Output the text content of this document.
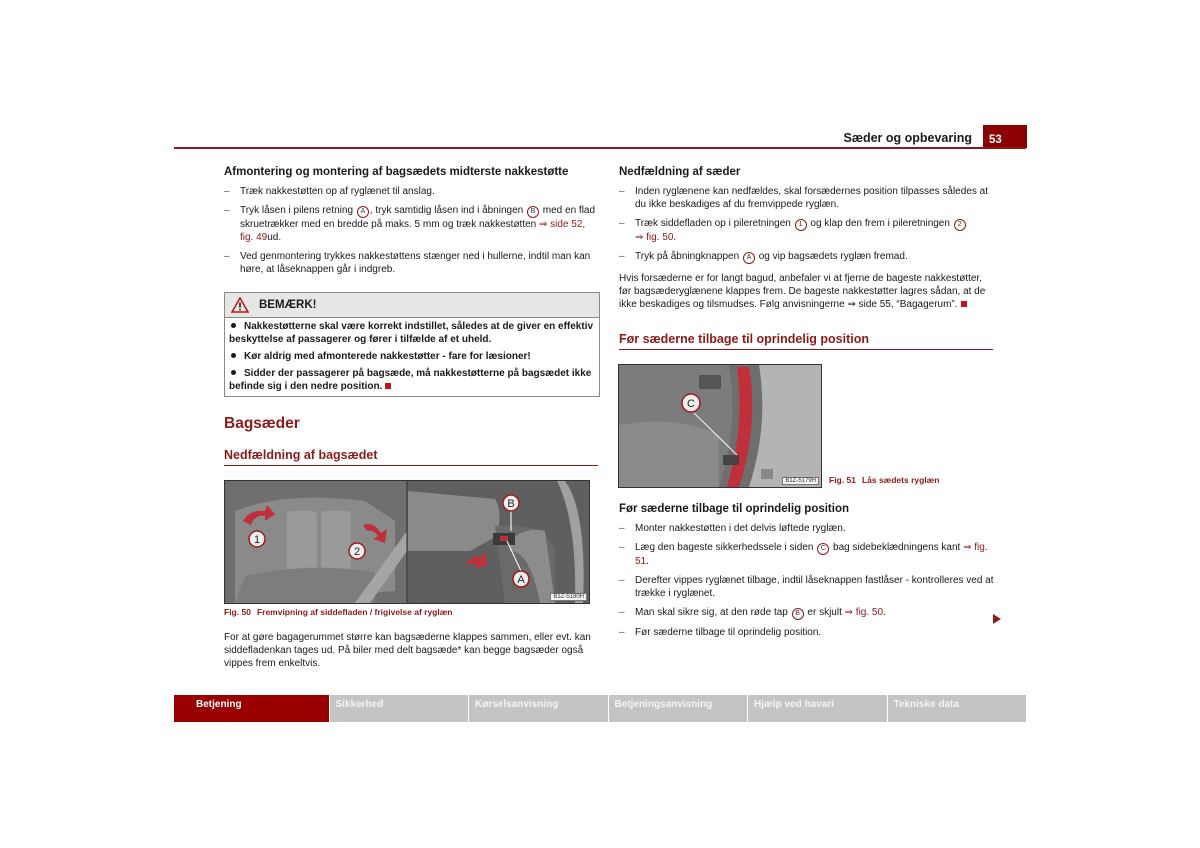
Sæder og opbevaring	53
Afmontering og montering af bagsædets midterste nakkestøtte
– Træk nakkestøtten op af ryglænet til anslag.
– Tryk låsen i pilens retning A , tryk samtidig låsen ind i åbningen B med en flad skruetrækker med en bredde på maks. 5 mm og træk nakkestøtten ⇒ side 52, fig. 49ud.
– Ved genmontering trykkes nakkestøttens stænger ned i hullerne, indtil man kan høre, at låseknappen går i indgreb.
BEMÆRK!

Nakkestøtterne skal være korrekt indstillet, således at de giver en effektiv beskyttelse af passagerer og fører i tilfælde af et uheld.

Kør aldrig med afmonterede nakkestøtter - fare for læsioner!

Sidder der passagerer på bagsæde, må nakkestøtterne på bagsædet ikke befinde sig i den nedre position.

Bagsæder
Nedfældning af bagsædet
1
2
B
A
B1Z-5180H
Fig. 50 Fremvipning af siddefladen / frigivelse af ryglæn
For at gøre bagagerummet større kan bagsæderne klappes sammen, eller evt. kan siddefladenkan tages ud. På biler med delt bagsæde* kan begge bagsæder også vippes frem enkeltvis.
Nedfældning af sæder
– Inden ryglænene kan nedfældes, skal forsædernes position tilpasses således at du ikke beskadiges af du fremvippede ryglæn.
– Træk siddefladen op i pileretningen 1 og klap den frem i pileretningen 2
⇒ fig. 50.
– Tryk på åbningknappen A og vip bagsædets ryglæn fremad.
Hvis forsæderne er for langt bagud, anbefaler vi at fjerne de bageste nakkestøtter, før bagsæderyglænene klappes frem. De bageste nakkestøtter lagres sådan, at de ikke beskadiges og tilsmudses. Følg anvisningerne ⇒ side 55, “Bagagerum”.
Før sæderne tilbage til oprindelig position
C
B1Z-5179H	Fig. 51 Lås sædets ryglæn
Før sæderne tilbage til oprindelig position
– Monter nakkestøtten i det delvis løftede ryglæn.
– Læg den bageste sikkerhedssele i siden C bag sidebeklædningens kant ⇒ fig. 51.
– Derefter vippes ryglænet tilbage, indtil låseknappen fastlåser - kontrolleres ved at trække i ryglænet.
– Man skal sikre sig, at den røde tap B er skjult ⇒ fig. 50.
– Før sæderne tilbage til oprindelig position.
Betjening	Sikkerhed	Kørselsanvisning	Betjeningsanvisning	Hjælp ved havari	Tekniske data
